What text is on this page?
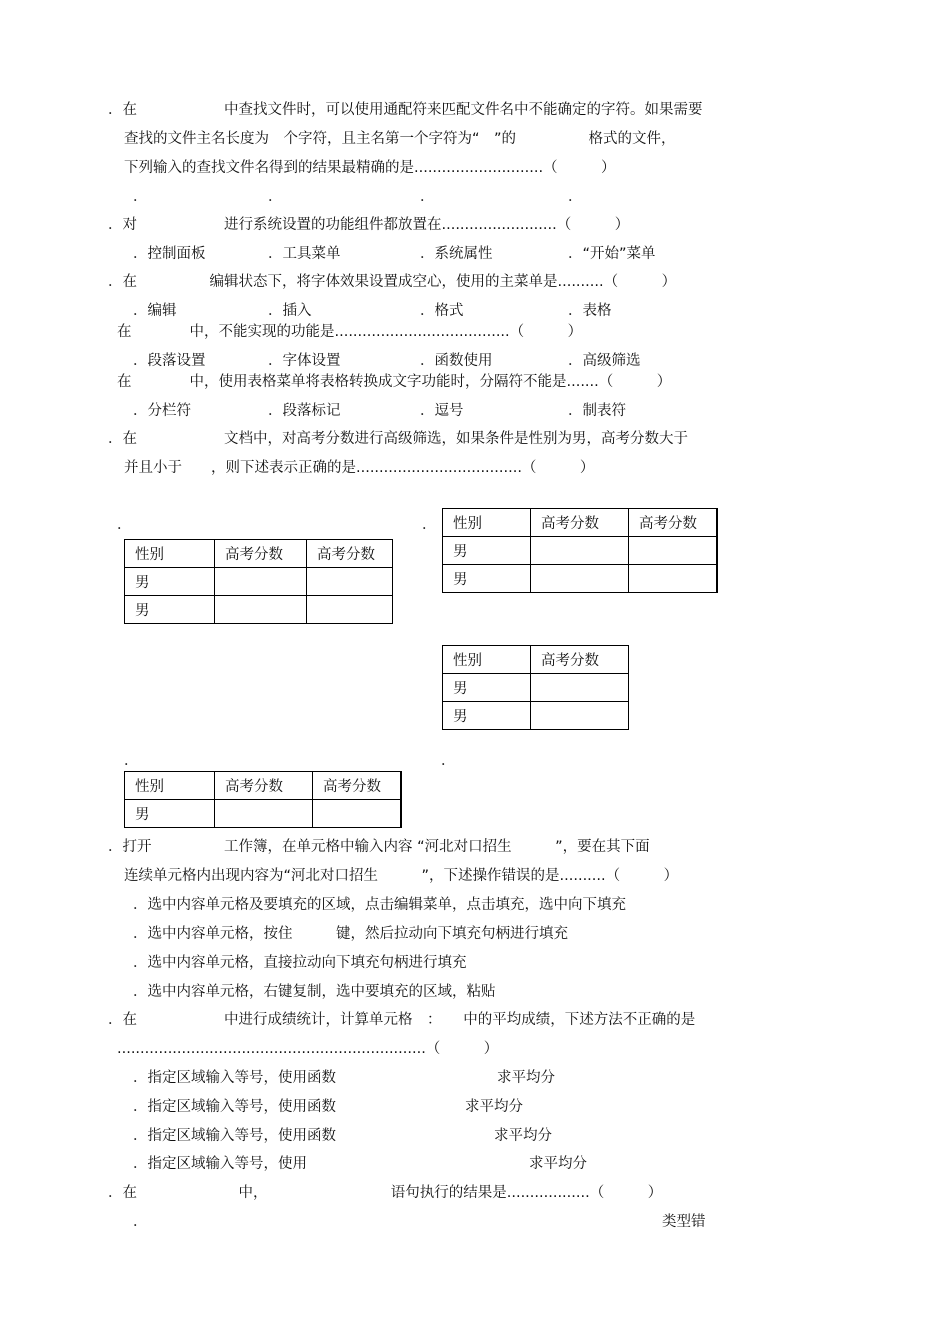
．在　　　　　　中查找文件时，可以使用通配符来匹配文件名中不能确定的字符。如果需要
查找的文件主名长度为　个字符，且主名第一个字符为“　”的　　　　　格式的文件，
下列输入的查找文件名得到的结果最精确的是............................（　　　）
．	．	．	．
．对　　　　　　进行系统设置的功能组件都放置在.........................（　　　）
．控制面板	．工具菜单	．系统属性	．“开始”菜单
．在　　　　　编辑状态下，将字体效果设置成空心，使用的主菜单是..........（　　　）
．编辑	．插入	．格式	．表格
在　　　　中，不能实现的功能是......................................（　　　）
．段落设置	．字体设置	．函数使用	．高级筛选
在　　　　中，使用表格菜单将表格转换成文字功能时，分隔符不能是.......（　　　）
．分栏符	．段落标记	．逗号	．制表符
．在　　　　　　文档中，对高考分数进行高级筛选，如果条件是性别为男，高考分数大于
并且小于　　，则下述表示正确的是....................................（　　　）
．	．
．	．
．打开　　　　　工作簿，在单元格中输入内容 “河北对口招生　　　”，要在其下面
连续单元格内出现内容为“河北对口招生　　　”，下述操作错误的是..........（　　　）
．选中内容单元格及要填充的区域，点击编辑菜单，点击填充，选中向下填充
．选中内容单元格，按住　　　键，然后拉动向下填充句柄进行填充
．选中内容单元格，直接拉动向下填充句柄进行填充
．选中内容单元格，右键复制，选中要填充的区域，粘贴
．在　　　　　　中进行成绩统计，计算单元格　：　　中的平均成绩，下述方法不正确的是
...................................................................（　　　）
．指定区域输入等号，使用函数	求平均分
．指定区域输入等号，使用函数	求平均分
．指定区域输入等号，使用函数	求平均分
．指定区域输入等号，使用	求平均分
．在　　　　　　　中，　　　　　　　　　语句执行的结果是..................（　　　）
．	类型错
性别	高考分数	高考分数
男		
男		
性别	高考分数	高考分数
男		
男		
性别	高考分数
男	
男	
性别	高考分数	高考分数
男		
